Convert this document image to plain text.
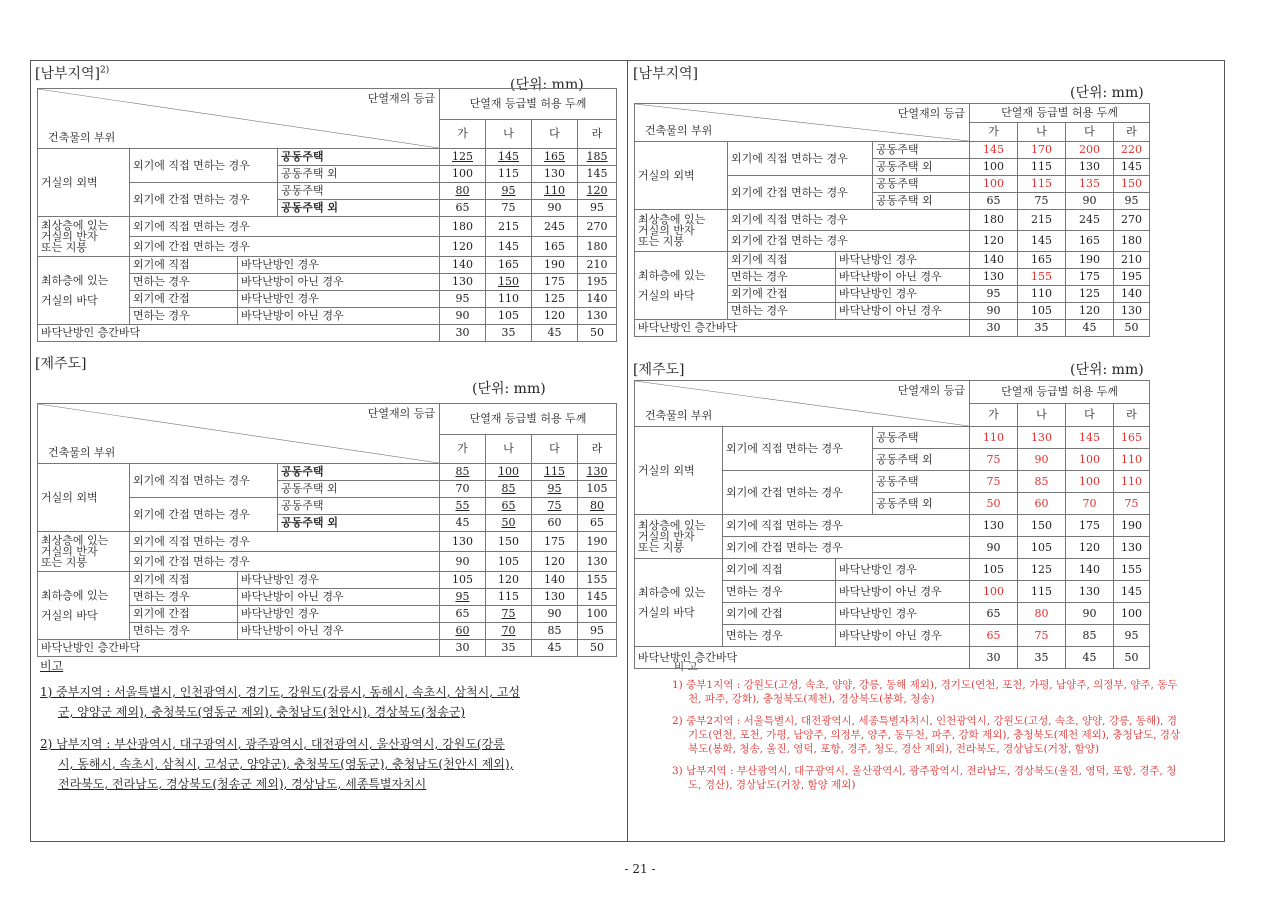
[남부지역]$^{2)}$
(단위: mm)
단열재의 등급
건축물의 부위				단열재 등급별 허용 두께			
				가	나	다	라
거실의 외벽	외기에 직접 면하는 경우		공동주택	125	145	165	185
			공동주택 외	100	115	130	145
	외기에 간접 면하는 경우		공동주택	80	95	110	120
			공동주택 외	65	75	90	95

최상층에 있는
거실의 반자
또는 지붕	외기에 직접 면하는 경우			180	215	245	270
	외기에 간접 면하는 경우			120	145	165	180

최하층에 있는
거실의 바닥	외기에 직접	바닥난방인 경우		140	165	190	210
	면하는 경우	바닥난방이 아닌 경우		130	150	175	195
	외기에 간접	바닥난방인 경우		95	110	125	140
	면하는 경우	바닥난방이 아닌 경우		90	105	120	130
바닥난방인 층간바닥				30	35	45	50
[제주도]
(단위: mm)
단열재의 등급
건축물의 부위				단열재 등급별 허용 두께			
				가	나	다	라
거실의 외벽	외기에 직접 면하는 경우		공동주택	85	100	115	130
			공동주택 외	70	85	95	105
	외기에 간접 면하는 경우		공동주택	55	65	75	80
			공동주택 외	45	50	60	65

최상층에 있는
거실의 반자
또는 지붕	외기에 직접 면하는 경우			130	150	175	190
	외기에 간접 면하는 경우			90	105	120	130

최하층에 있는
거실의 바닥	외기에 직접	바닥난방인 경우		105	120	140	155
	면하는 경우	바닥난방이 아닌 경우		95	115	130	145
	외기에 간접	바닥난방인 경우		65	75	90	100
	면하는 경우	바닥난방이 아닌 경우		60	70	85	95
바닥난방인 층간바닥				30	35	45	50
비고
1) 중부지역 : 서울특별시, 인천광역시, 경기도, 강원도(강릉시, 동해시, 속초시, 삼척시, 고성
군, 양양군 제외), 충청북도(영동군 제외), 충청남도(천안시), 경상북도(청송군)
2) 남부지역 : 부산광역시, 대구광역시, 광주광역시, 대전광역시, 울산광역시, 강원도(강릉
시, 동해시, 속초시, 삼척시, 고성군, 양양군), 충청북도(영동군), 충청남도(천안시 제외),
전라북도, 전라남도, 경상북도(청송군 제외), 경상남도, 세종특별자치시
[남부지역]
(단위: mm)
단열재의 등급
건축물의 부위				단열재 등급별 허용 두께			
				가	나	다	라
거실의 외벽	외기에 직접 면하는 경우		공동주택	145	170	200	220
			공동주택 외	100	115	130	145
	외기에 간접 면하는 경우		공동주택	100	115	135	150
			공동주택 외	65	75	90	95

최상층에 있는
거실의 반자
또는 지붕	외기에 직접 면하는 경우			180	215	245	270
	외기에 간접 면하는 경우			120	145	165	180

최하층에 있는
거실의 바닥	외기에 직접	바닥난방인 경우		140	165	190	210
	면하는 경우	바닥난방이 아닌 경우		130	155	175	195
	외기에 간접	바닥난방인 경우		95	110	125	140
	면하는 경우	바닥난방이 아닌 경우		90	105	120	130
바닥난방인 층간바닥				30	35	45	50
[제주도]	(단위: mm)
단열재의 등급
건축물의 부위				단열재 등급별 허용 두께			
				가	나	다	라
거실의 외벽	외기에 직접 면하는 경우		공동주택	110	130	145	165
			공동주택 외	75	90	100	110
	외기에 간접 면하는 경우		공동주택	75	85	100	110
			공동주택 외	50	60	70	75

최상층에 있는
거실의 반자
또는 지붕	외기에 직접 면하는 경우			130	150	175	190
	외기에 간접 면하는 경우			90	105	120	130

최하층에 있는
거실의 바닥	외기에 직접	바닥난방인 경우		105	125	140	155
	면하는 경우	바닥난방이 아닌 경우		100	115	130	145
	외기에 간접	바닥난방인 경우		65	80	90	100
	면하는 경우	바닥난방이 아닌 경우		65	75	85	95
바닥난방인 층간바닥				30	35	45	50
비 고
1) 중부1지역 : 강원도(고성, 속초, 양양, 강릉, 동해 제외), 경기도(연천, 포천, 가평, 남양주, 의정부, 양주, 동두천, 파주, 강화), 충청북도(제천), 경상북도(봉화, 청송)
2) 중부2지역 : 서울특별시, 대전광역시, 세종특별자치시, 인천광역시, 강원도(고성, 속초, 양양, 강릉, 동해), 경기도(연천, 포천, 가평, 남양주, 의정부, 양주, 동두천, 파주, 강화 제외), 충청북도(제천 제외), 충청남도, 경상북도(봉화, 청송, 울진, 영덕, 포항, 경주, 청도, 경산 제외), 전라북도, 경상남도(거창, 함양)
3) 남부지역 : 부산광역시, 대구광역시, 울산광역시, 광주광역시, 전라남도, 경상북도(울진, 영덕, 포항, 경주, 청도, 경산), 경상남도(거창, 함양 제외)
- 21 -
